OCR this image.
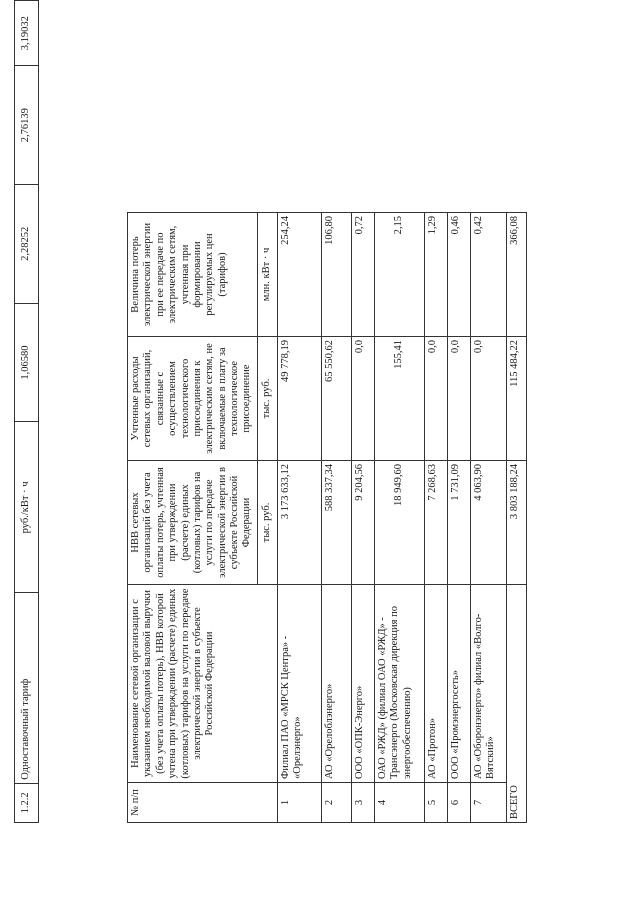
1.2.2	Одноставочный тариф	руб./кВт · ч	1,06580	2,28252	2,76139	3,19032
№ п/п	Наименование сетевой организации с указанием необходимой валовой выручки (без учета оплаты потерь), НВВ которой учтена при утверждении (расчете) единых (котловых) тарифов на услуги по передаче электрической энергии в субъекте Российской Федерации	НВВ сетевых организаций без учета оплаты потерь, учтенная при утверждении (расчете) единых (котловых) тарифов на услуги по передаче электрической энергии в субъекте Российской Федерации	Учтенные расходы сетевых организаций, связанные с осуществлением технологического присоединения к электрическим сетям, не включаемые в плату за технологическое присоединение	Величина потерь электрической энергии при ее передаче по электрическим сетям, учтенная при формировании регулируемых цен (тарифов)
		тыс. руб.	тыс. руб.	млн. кВт · ч
1	Филиал ПАО «МРСК Центра» - «Орелэнерго»	3 173 633,12	49 778,19	254,24
2	АО «Орелоблэнерго»	588 337,34	65 550,62	106,80
3	ООО «ОПК-Энерго»	9 204,56	0,0	0,72
4	ОАО «РЖД» (филиал ОАО «РЖД» - Трансэнерго (Московская дирекция по энергообеспечению)	18 949,60	155,41	2,15
5	АО «Протон»	7 268,63	0,0	1,29
6	ООО «Промэнергосеть»	1 731,09	0,0	0,46
7	АО «Оборонэнерго» филиал «Волго-Вятский»	4 063,90	0,0	0,42
ВСЕГО		3 803 188,24	115 484,22	366,08
